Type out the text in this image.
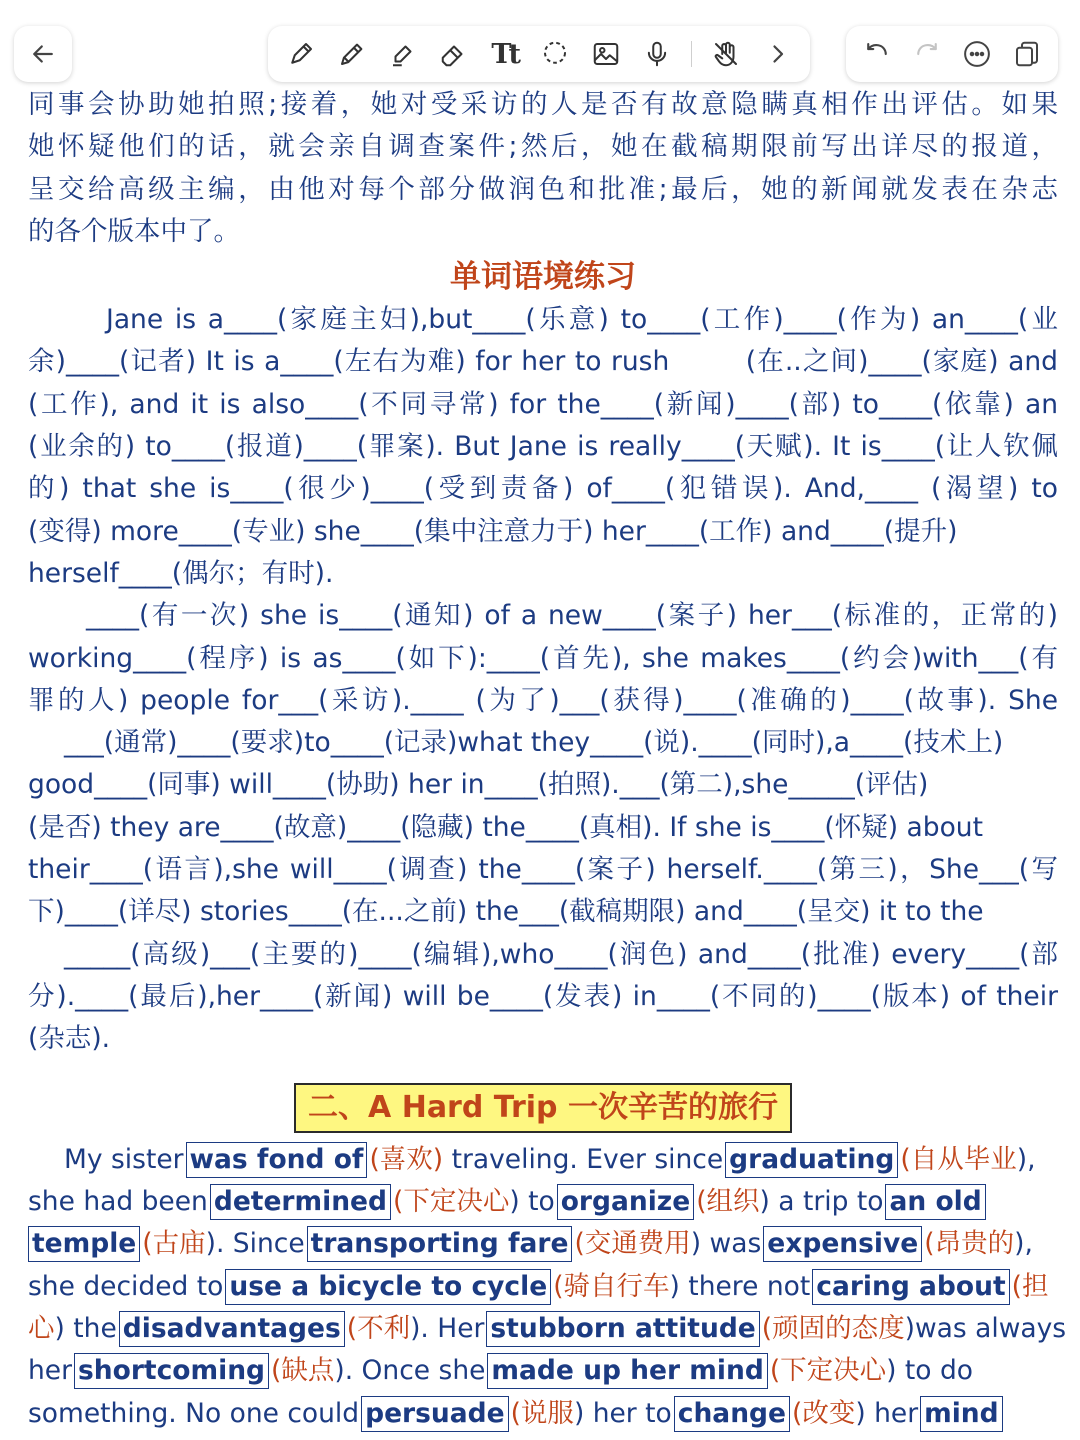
Tt
同事会协助她拍照;接着，她对受采访的人是否有故意隐瞒真相作出评估。如果
她怀疑他们的话，就会亲自调查案件;然后，她在截稿期限前写出详尽的报道，
呈交给高级主编，由他对每个部分做润色和批准;最后，她的新闻就发表在杂志
的各个版本中了。
单词语境练习
Jane is a____(家庭主妇),but____(乐意) to____(工作)____(作为) an____(业
余)____(记者) It is a____(左右为难) for her to rush        (在..之间)____(家庭) and
(工作), and it is also____(不同寻常) for the____(新闻)____(部) to____(依靠) an
(业余的) to____(报道)____(罪案). But Jane is really____(天赋). It is____(让人钦佩
的) that she is____(很少)____(受到责备) of____(犯错误). And,____ (渴望) to
(变得) more____(专业) she____(集中注意力于) her____(工作) and____(提升)
herself____(偶尔；有时).
____(有一次) she is____(通知) of a new____(案子) her___(标准的，正常的)
working____(程序) is as____(如下):____(首先), she makes____(约会)with___(有
罪的人) people for___(采访).____ (为了)___(获得)____(准确的)____(故事). She
___(通常)____(要求)to____(记录)what they____(说).____(同时),a____(技术上)
good____(同事) will____(协助) her in____(拍照).___(第二),she_____(评估)
(是否) they are____(故意)____(隐藏) the____(真相). If she is____(怀疑) about
their____(语言),she will____(调查) the____(案子) herself.____(第三)，She___(写
下)____(详尽) stories____(在...之前) the___(截稿期限) and____(呈交) it to the
_____(高级)___(主要的)____(编辑),who____(润色) and____(批准) every____(部
分).____(最后),her____(新闻) will be____(发表) in____(不同的)____(版本) of their
(杂志).
二、A Hard Trip 一次辛苦的旅行
My sister was fond of (喜欢) traveling. Ever since graduating (自从毕业),
she had been determined (下定决心) to organize (组织) a trip to an old
temple (古庙). Since transporting fare (交通费用) was expensive (昂贵的),
she decided to use a bicycle to cycle (骑自行车) there not caring about (担
心) the disadvantages (不利). Her stubborn attitude (顽固的态度)was always
her shortcoming (缺点). Once she made up her mind (下定决心) to do
something. No one could persuade (说服) her to change (改变) her mind
